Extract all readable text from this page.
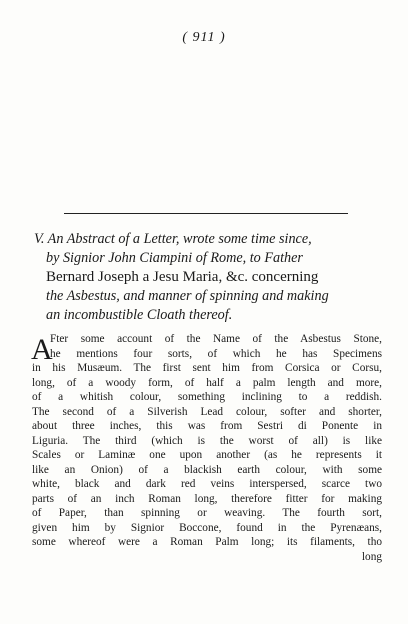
( 911 )
V. An Abstract of a Letter, wrote some time since,
by Signior John Ciampini of Rome, to Father
Bernard Joseph a Jesu Maria, &c. concerning
the Asbestus, and manner of spinning and making
an incombustible Cloath thereof.
A
Fter some account of the Name of the Asbestus Stone,
he mentions four sorts, of which he has Specimens
in his Musæum. The first sent him from Corsica or Corsu,
long, of a woody form, of half a palm length and more,
of a whitish colour, something inclining to a reddish.
The second of a Silverish Lead colour, softer and shorter,
about three inches, this was from Sestri di Ponente in
Liguria. The third (which is the worst of all) is like
Scales or Laminæ one upon another (as he represents it
like an Onion) of a blackish earth colour, with some
white, black and dark red veins interspersed, scarce two
parts of an inch Roman long, therefore fitter for making
of Paper, than spinning or weaving. The fourth sort,
given him by Signior Boccone, found in the Pyrenæans,
some whereof were a Roman Palm long; its filaments, tho
long
